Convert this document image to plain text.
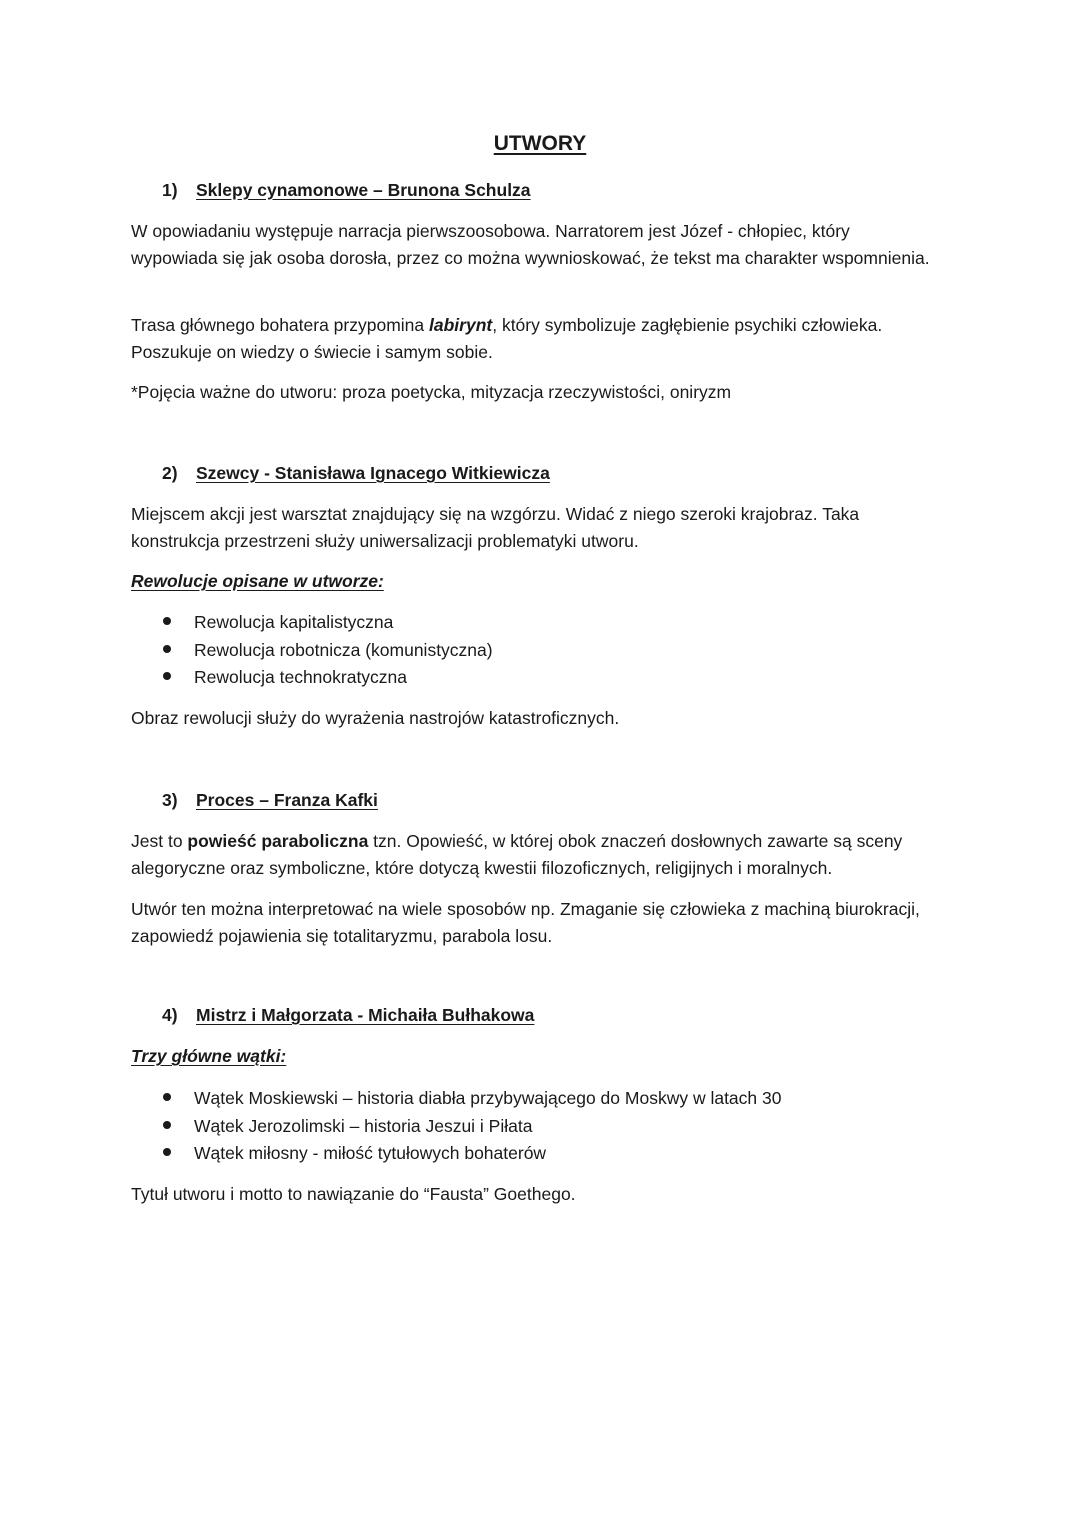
UTWORY
1) Sklepy cynamonowe – Brunona Schulza

W opowiadaniu występuje narracja pierwszoosobowa. Narratorem jest Józef - chłopiec, który wypowiada się jak osoba dorosła, przez co można wywnioskować, że tekst ma charakter wspomnienia.

Trasa głównego bohatera przypomina labirynt, który symbolizuje zagłębienie psychiki człowieka. Poszukuje on wiedzy o świecie i samym sobie.

*Pojęcia ważne do utworu: proza poetycka, mityzacja rzeczywistości, oniryzm

2) Szewcy - Stanisława Ignacego Witkiewicza

Miejscem akcji jest warsztat znajdujący się na wzgórzu. Widać z niego szeroki krajobraz. Taka konstrukcja przestrzeni służy uniwersalizacji problematyki utworu.

Rewolucje opisane w utworze:

Rewolucja kapitalistyczna
Rewolucja robotnicza (komunistyczna)
Rewolucja technokratyczna

Obraz rewolucji służy do wyrażenia nastrojów katastroficznych.

3) Proces – Franza Kafki

Jest to powieść paraboliczna tzn. Opowieść, w której obok znaczeń dosłownych zawarte są sceny alegoryczne oraz symboliczne, które dotyczą kwestii filozoficznych, religijnych i moralnych.

Utwór ten można interpretować na wiele sposobów np. Zmaganie się człowieka z machiną biurokracji, zapowiedź pojawienia się totalitaryzmu, parabola losu.

4) Mistrz i Małgorzata - Michaiła Bułhakowa

Trzy główne wątki:

Wątek Moskiewski – historia diabła przybywającego do Moskwy w latach 30
Wątek Jerozolimski – historia Jeszui i Piłata
Wątek miłosny - miłość tytułowych bohaterów

Tytuł utworu i motto to nawiązanie do “Fausta” Goethego.
